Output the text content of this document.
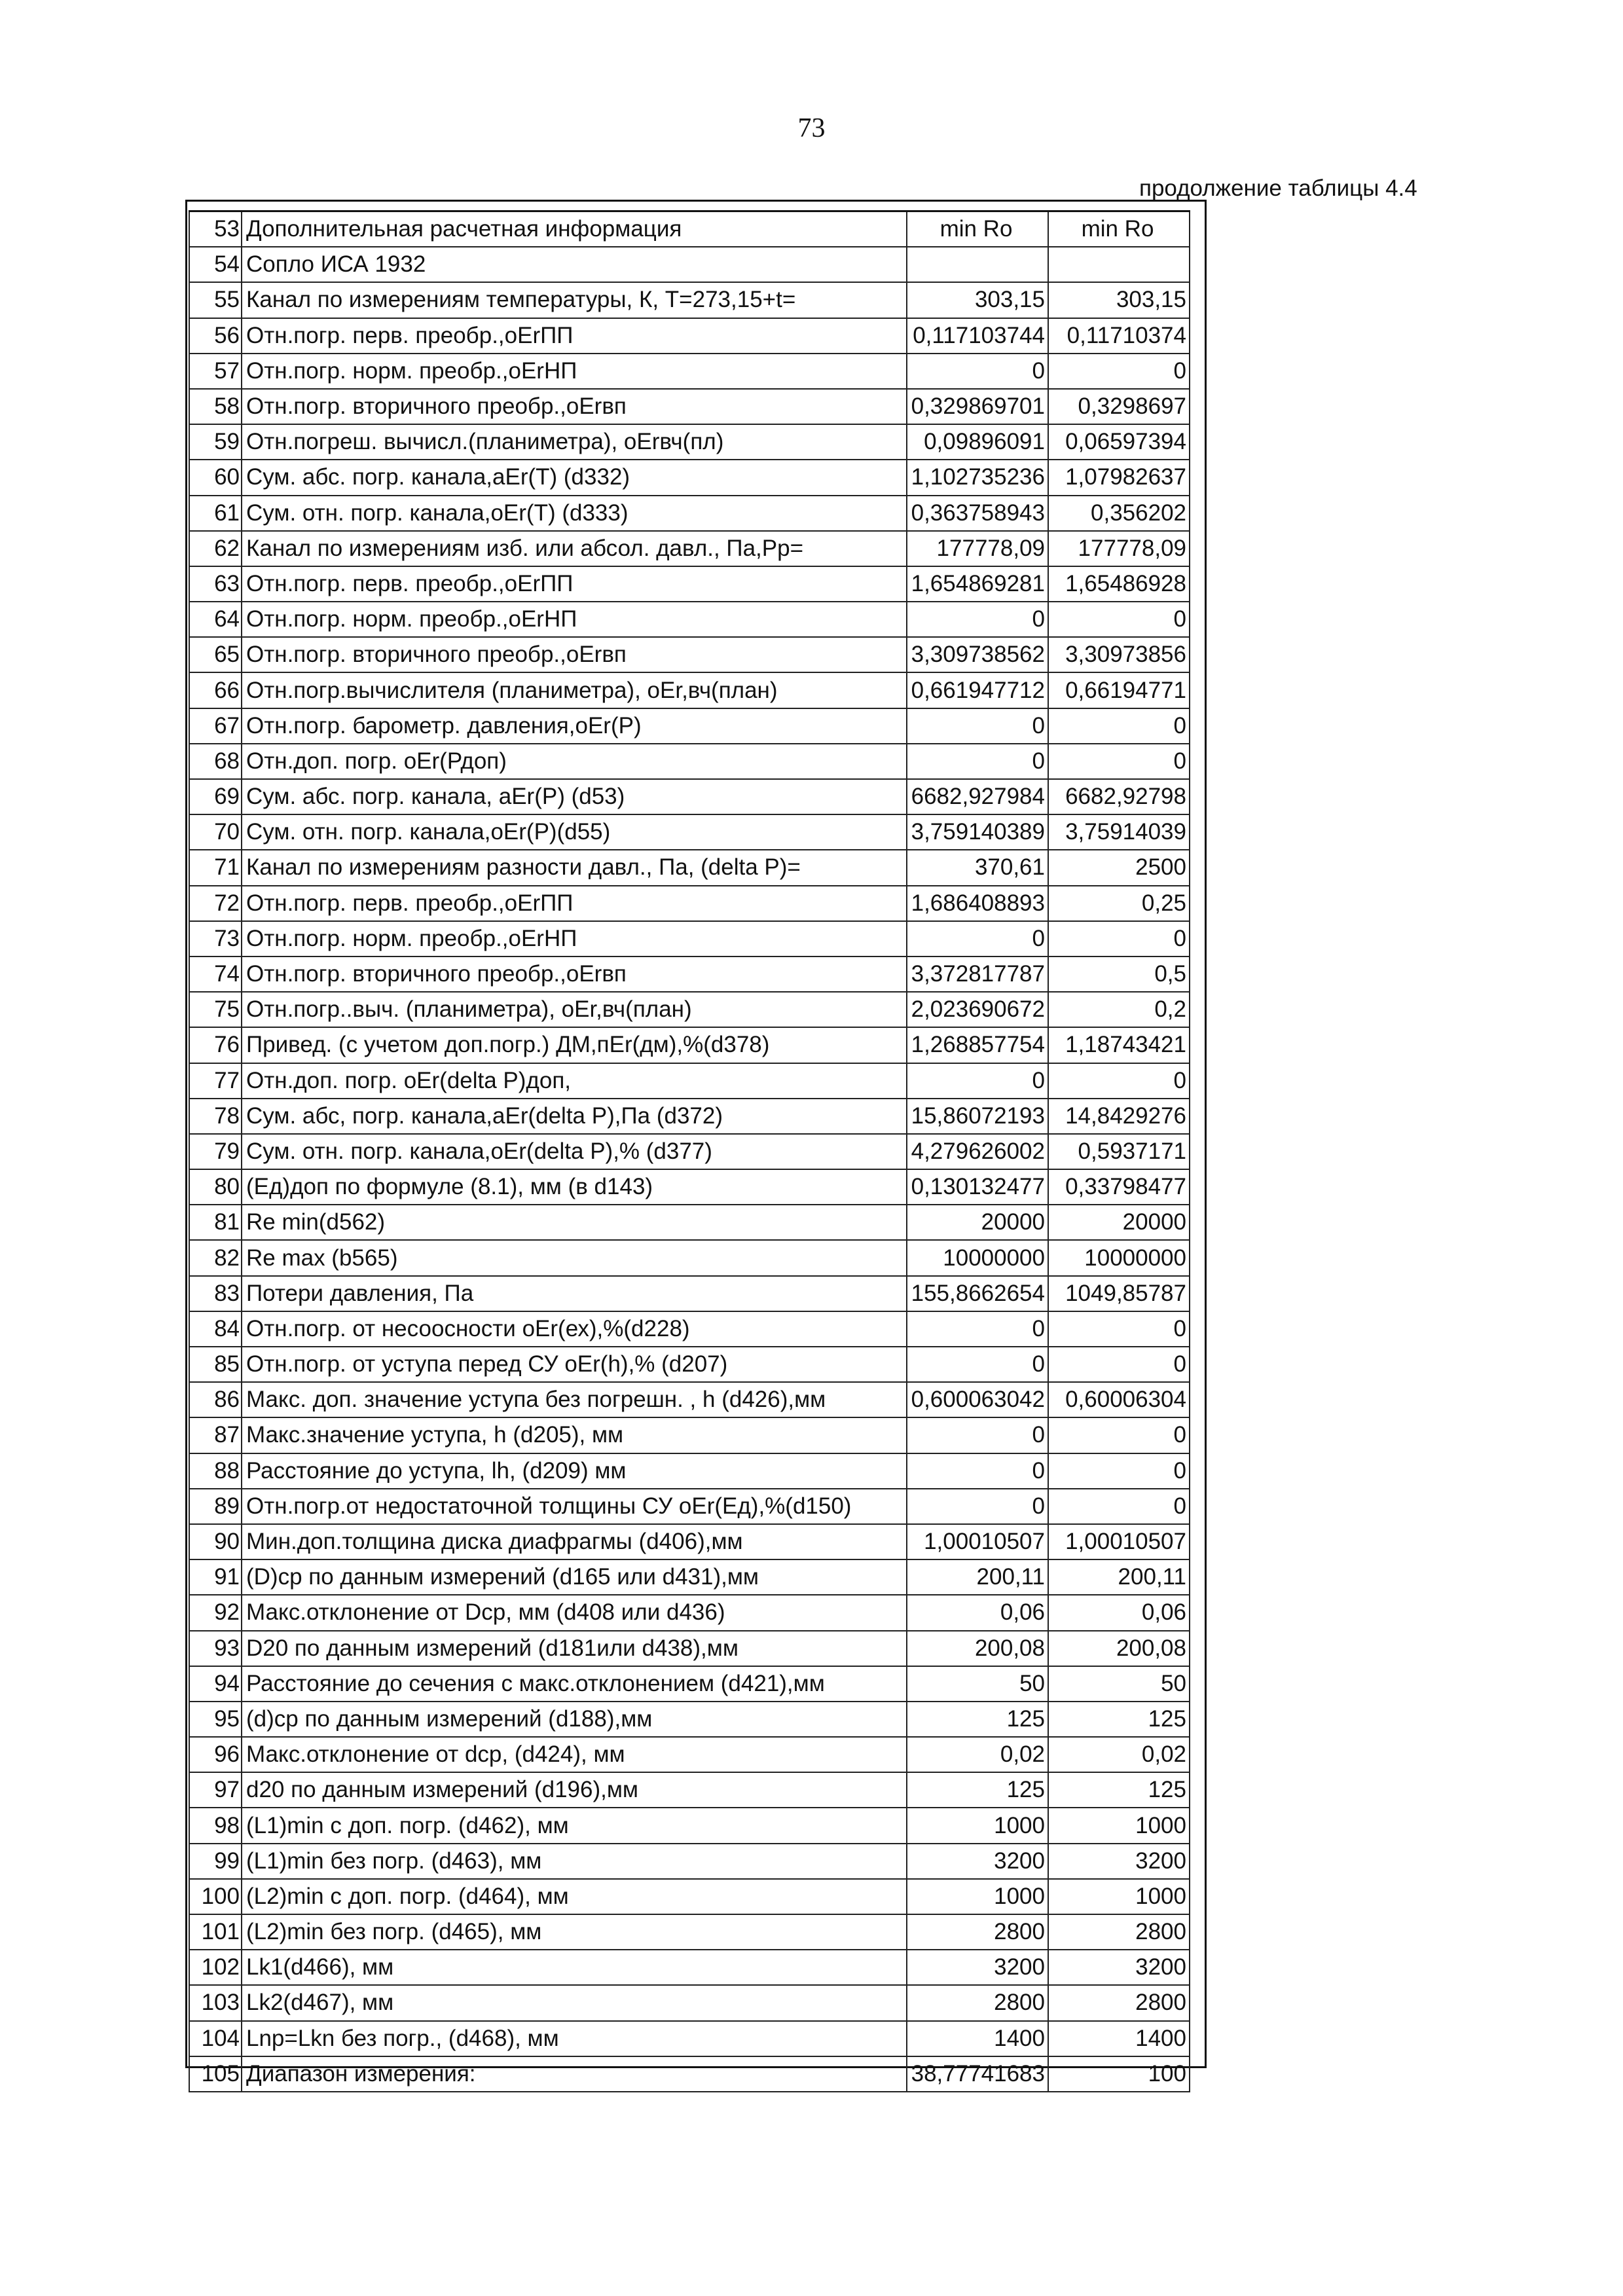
73
продолжение таблицы 4.4
53	Дополнительная расчетная информация	min Ro	min Ro
54	Сопло ИСА 1932		
55	Канал по измерениям температуры, К, T=273,15+t=	303,15	303,15
56	Отн.погр. перв. преобр.,оЕrПП	0,117103744	0,11710374
57	Отн.погр. норм. преобр.,оЕrНП	0	0
58	Отн.погр. вторичного преобр.,оЕrвп	0,329869701	0,3298697
59	Отн.погреш. вычисл.(планиметра), оЕrвч(пл)	0,09896091	0,06597394
60	Сум. абс. погр. канала,аЕr(Т) (d332)	1,102735236	1,07982637
61	Сум. отн. погр. канала,оЕr(Т) (d333)	0,363758943	0,356202
62	Канал по измерениям изб. или абсол. давл., Па,Рр=	177778,09	177778,09
63	Отн.погр. перв. преобр.,оЕrПП	1,654869281	1,65486928
64	Отн.погр. норм. преобр.,оЕrНП	0	0
65	Отн.погр. вторичного преобр.,оЕrвп	3,309738562	3,30973856
66	Отн.погр.вычислителя (планиметра), оЕr,вч(план)	0,661947712	0,66194771
67	Отн.погр. барометр. давления,оЕr(Р)	0	0
68	Отн.доп. погр. оЕr(Рдоп)	0	0
69	Сум. абс. погр. канала, аЕr(Р) (d53)	6682,927984	6682,92798
70	Сум. отн. погр. канала,оЕr(Р)(d55)	3,759140389	3,75914039
71	Канал по измерениям разности давл., Па, (delta P)=	370,61	2500
72	Отн.погр. перв. преобр.,оЕrПП	1,686408893	0,25
73	Отн.погр. норм. преобр.,оЕrНП	0	0
74	Отн.погр. вторичного преобр.,оЕrвп	3,372817787	0,5
75	Отн.погр..выч. (планиметра), оЕr,вч(план)	2,023690672	0,2
76	Привед. (с учетом доп.погр.) ДМ,пЕr(дм),%(d378)	1,268857754	1,18743421
77	Отн.доп. погр. оЕr(delta P)доп,	0	0
78	Сум. абс, погр. канала,аЕr(delta P),Па (d372)	15,86072193	14,8429276
79	Сум. отн. погр. канала,оЕr(delta P),% (d377)	4,279626002	0,5937171
80	(Ед)доп по формуле (8.1), мм (в d143)	0,130132477	0,33798477
81	Re min(d562)	20000	20000
82	Re max (b565)	10000000	10000000
83	Потери давления, Па	155,8662654	1049,85787
84	Отн.погр. от несоосности оЕr(ех),%(d228)	0	0
85	Отн.погр. от уступа перед СУ оЕr(h),% (d207)	0	0
86	Макс. доп. значение уступа без погрешн. , h (d426),мм	0,600063042	0,60006304
87	Макс.значение уступа, h (d205), мм	0	0
88	Расстояние до уступа, lh, (d209) мм	0	0
89	Отн.погр.от недостаточной толщины СУ оЕr(Ед),%(d150)	0	0
90	Мин.доп.толщина диска диафрагмы (d406),мм	1,00010507	1,00010507
91	(D)ср по данным измерений (d165 или d431),мм	200,11	200,11
92	Макс.отклонение от Dср, мм (d408 или d436)	0,06	0,06
93	D20 по данным измерений (d181или d438),мм	200,08	200,08
94	Расстояние до сечения с макс.отклонением (d421),мм	50	50
95	(d)ср по данным измерений (d188),мм	125	125
96	Макс.отклонение от dср, (d424), мм	0,02	0,02
97	d20 по данным измерений (d196),мм	125	125
98	(L1)min с доп. погр. (d462), мм	1000	1000
99	(L1)min без погр. (d463), мм	3200	3200
100	(L2)min с доп. погр. (d464), мм	1000	1000
101	(L2)min без погр. (d465), мм	2800	2800
102	Lk1(d466), мм	3200	3200
103	Lk2(d467), мм	2800	2800
104	Lnp=Lkn без погр., (d468), мм	1400	1400
105	Диапазон измерения:	38,77741683	100
